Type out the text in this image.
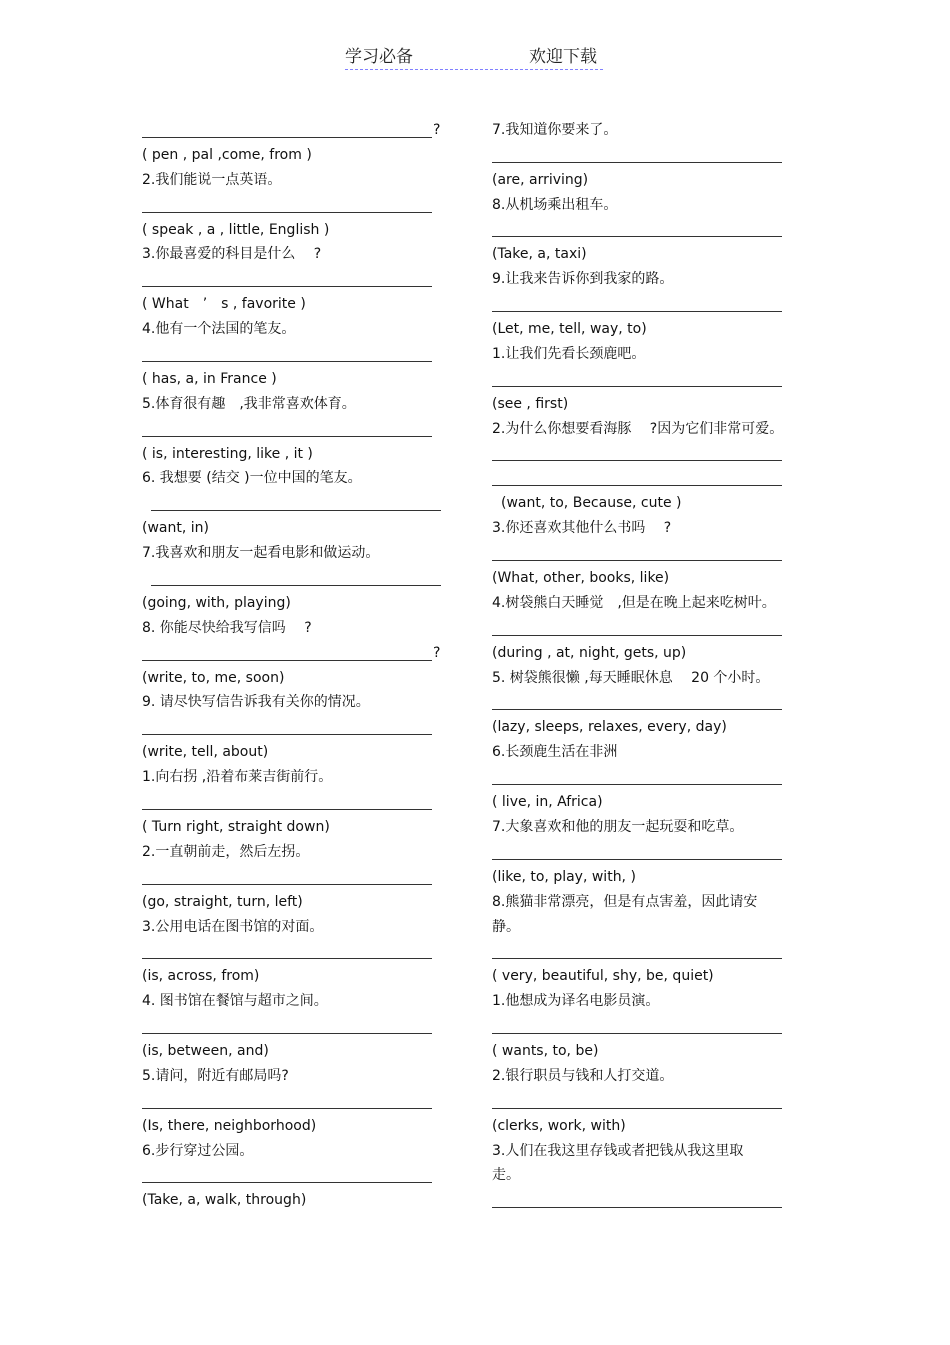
学习必备	欢迎下载
?
( pen , pal ,come, from )
2.我们能说一点英语。
( speak , a , little, English )
3.你最喜爱的科目是什么　 ?
( What　’　s , favorite )
4.他有一个法国的笔友。
( has, a, in France )
5.体育很有趣　,我非常喜欢体育。
( is, interesting, like , it )
6. 我想要 (结交 )一位中国的笔友。
(want, in)
7.我喜欢和朋友一起看电影和做运动。
(going, with, playing)
8. 你能尽快给我写信吗　 ?
?
(write, to, me, soon)
9. 请尽快写信告诉我有关你的情况。
(write, tell, about)
1.向右拐 ,沿着布莱吉街前行。
( Turn right, straight down)
2.一直朝前走，然后左拐。
(go, straight, turn, left)
3.公用电话在图书馆的对面。
(is, across, from)
4. 图书馆在餐馆与超市之间。
(is, between, and)
5.请问，附近有邮局吗?
(Is, there, neighborhood)
6.步行穿过公园。
(Take, a, walk, through)
7.我知道你要来了。
(are, arriving)
8.从机场乘出租车。
(Take, a, taxi)
9.让我来告诉你到我家的路。
(Let, me, tell, way, to)
1.让我们先看长颈鹿吧。
(see , first)
2.为什么你想要看海豚　 ?因为它们非常可爱。
(want, to, Because, cute )
3.你还喜欢其他什么书吗　 ?
(What, other, books, like)
4.树袋熊白天睡觉　,但是在晚上起来吃树叶。
(during , at, night, gets, up)
5. 树袋熊很懒 ,每天睡眠休息　 20 个小时。
(lazy, sleeps, relaxes, every, day)
6.长颈鹿生活在非洲
( live, in, Africa)
7.大象喜欢和他的朋友一起玩耍和吃草。
(like, to, play, with, )
8.熊猫非常漂亮，但是有点害羞，因此请安
静。
( very, beautiful, shy, be, quiet)
1.他想成为译名电影员演。
( wants, to, be)
2.银行职员与钱和人打交道。
(clerks, work, with)
3.人们在我这里存钱或者把钱从我这里取
走。
